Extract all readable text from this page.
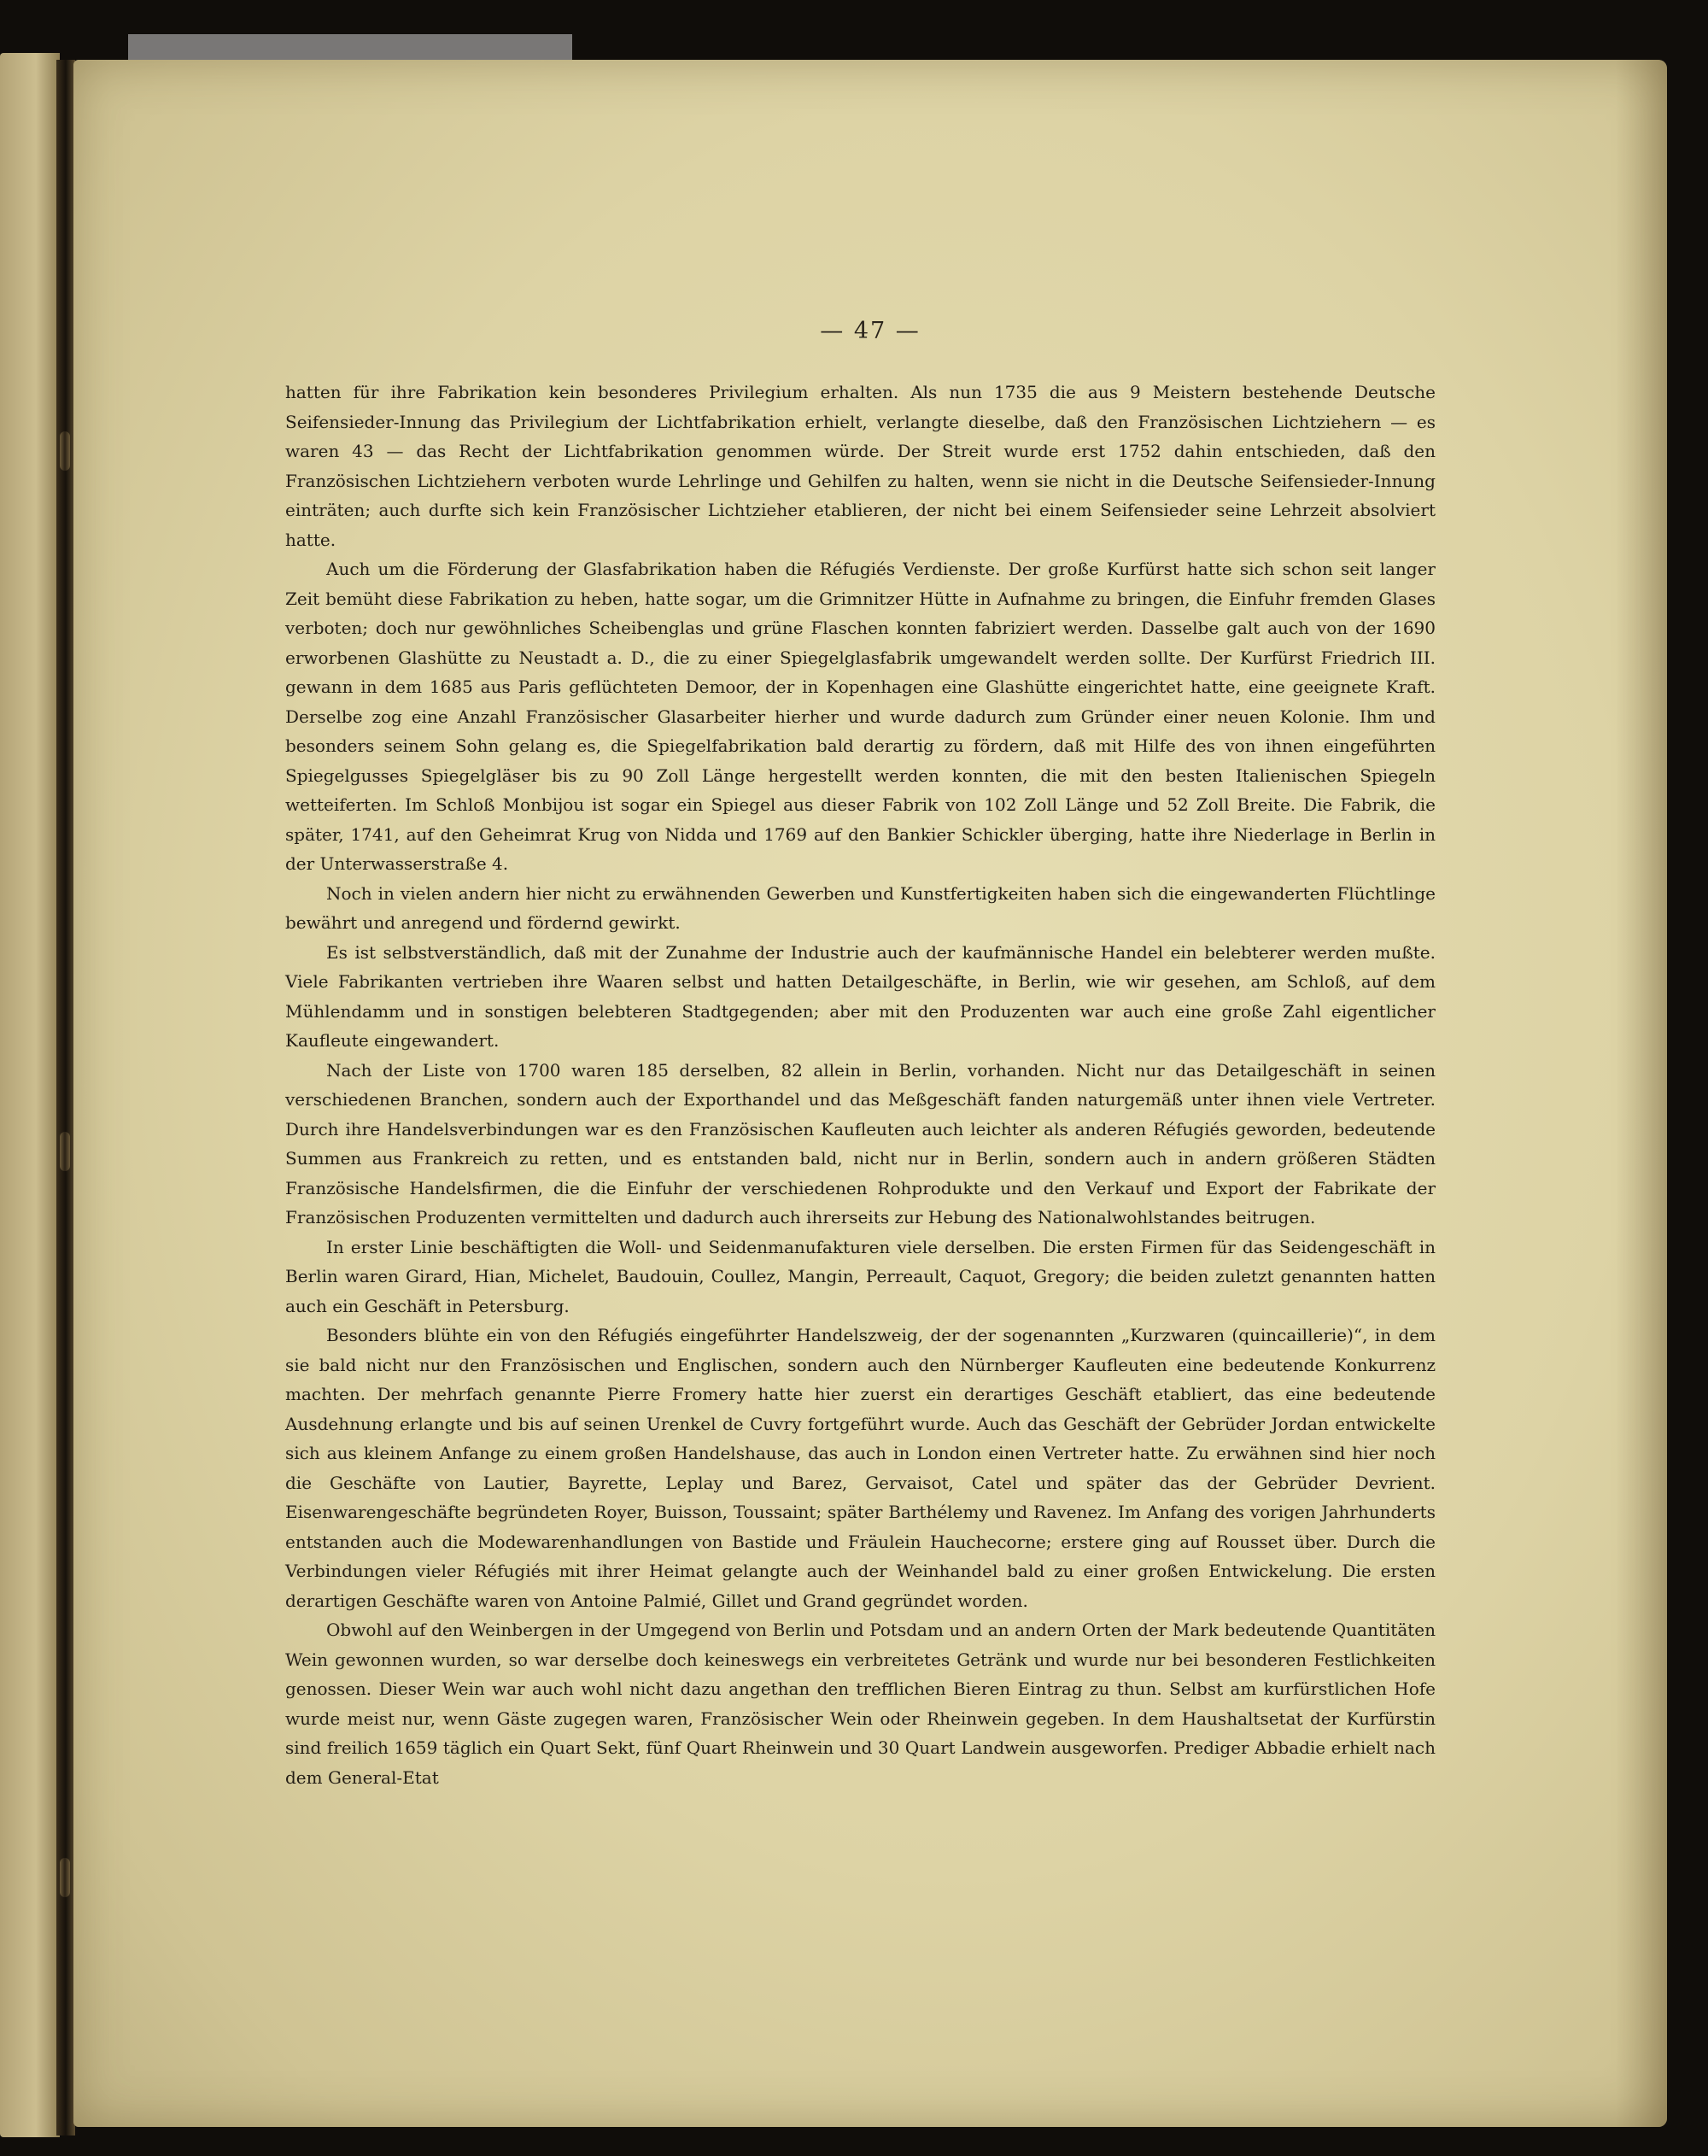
— 47 —

hatten für ihre Fabrikation kein besonderes Privilegium erhalten. Als nun 1735 die aus 9 Meistern bestehende Deutsche Seifensieder-Innung das Privilegium der Lichtfabrikation erhielt, verlangte dieselbe, daß den Französischen Lichtziehern — es waren 43 — das Recht der Lichtfabrikation genommen würde. Der Streit wurde erst 1752 dahin entschieden, daß den Französischen Lichtziehern verboten wurde Lehrlinge und Gehilfen zu halten, wenn sie nicht in die Deutsche Seifensieder-Innung einträten; auch durfte sich kein Französischer Lichtzieher etablieren, der nicht bei einem Seifensieder seine Lehrzeit absolviert hatte.

Auch um die Förderung der Glasfabrikation haben die Réfugiés Verdienste. Der große Kurfürst hatte sich schon seit langer Zeit bemüht diese Fabrikation zu heben, hatte sogar, um die Grimnitzer Hütte in Aufnahme zu bringen, die Einfuhr fremden Glases verboten; doch nur gewöhnliches Scheibenglas und grüne Flaschen konnten fabriziert werden. Dasselbe galt auch von der 1690 erworbenen Glashütte zu Neustadt a. D., die zu einer Spiegelglasfabrik umgewandelt werden sollte. Der Kurfürst Friedrich III. gewann in dem 1685 aus Paris geflüchteten Demoor, der in Kopenhagen eine Glashütte eingerichtet hatte, eine geeignete Kraft. Derselbe zog eine Anzahl Französischer Glasarbeiter hierher und wurde dadurch zum Gründer einer neuen Kolonie. Ihm und besonders seinem Sohn gelang es, die Spiegelfabrikation bald derartig zu fördern, daß mit Hilfe des von ihnen eingeführten Spiegelgusses Spiegelgläser bis zu 90 Zoll Länge hergestellt werden konnten, die mit den besten Italienischen Spiegeln wetteiferten. Im Schloß Monbijou ist sogar ein Spiegel aus dieser Fabrik von 102 Zoll Länge und 52 Zoll Breite. Die Fabrik, die später, 1741, auf den Geheimrat Krug von Nidda und 1769 auf den Bankier Schickler überging, hatte ihre Niederlage in Berlin in der Unterwasserstraße 4.

Noch in vielen andern hier nicht zu erwähnenden Gewerben und Kunstfertigkeiten haben sich die eingewanderten Flüchtlinge bewährt und anregend und fördernd gewirkt.

Es ist selbstverständlich, daß mit der Zunahme der Industrie auch der kaufmännische Handel ein belebterer werden mußte. Viele Fabrikanten vertrieben ihre Waaren selbst und hatten Detailgeschäfte, in Berlin, wie wir gesehen, am Schloß, auf dem Mühlendamm und in sonstigen belebteren Stadtgegenden; aber mit den Produzenten war auch eine große Zahl eigentlicher Kaufleute eingewandert.

Nach der Liste von 1700 waren 185 derselben, 82 allein in Berlin, vorhanden. Nicht nur das Detailgeschäft in seinen verschiedenen Branchen, sondern auch der Exporthandel und das Meßgeschäft fanden naturgemäß unter ihnen viele Vertreter. Durch ihre Handelsverbindungen war es den Französischen Kaufleuten auch leichter als anderen Réfugiés geworden, bedeutende Summen aus Frankreich zu retten, und es entstanden bald, nicht nur in Berlin, sondern auch in andern größeren Städten Französische Handelsfirmen, die die Einfuhr der verschiedenen Rohprodukte und den Verkauf und Export der Fabrikate der Französischen Produzenten vermittelten und dadurch auch ihrerseits zur Hebung des Nationalwohlstandes beitrugen.

In erster Linie beschäftigten die Woll- und Seidenmanufakturen viele derselben. Die ersten Firmen für das Seidengeschäft in Berlin waren Girard, Hian, Michelet, Baudouin, Coullez, Mangin, Perreault, Caquot, Gregory; die beiden zuletzt genannten hatten auch ein Geschäft in Petersburg.

Besonders blühte ein von den Réfugiés eingeführter Handelszweig, der der sogenannten „Kurzwaren (quincaillerie)“, in dem sie bald nicht nur den Französischen und Englischen, sondern auch den Nürnberger Kaufleuten eine bedeutende Konkurrenz machten. Der mehrfach genannte Pierre Fromery hatte hier zuerst ein derartiges Geschäft etabliert, das eine bedeutende Ausdehnung erlangte und bis auf seinen Urenkel de Cuvry fortgeführt wurde. Auch das Geschäft der Gebrüder Jordan entwickelte sich aus kleinem Anfange zu einem großen Handelshause, das auch in London einen Vertreter hatte. Zu erwähnen sind hier noch die Geschäfte von Lautier, Bayrette, Leplay und Barez, Gervaisot, Catel und später das der Gebrüder Devrient. Eisenwarengeschäfte begründeten Royer, Buisson, Toussaint; später Barthélemy und Ravenez. Im Anfang des vorigen Jahrhunderts entstanden auch die Modewarenhandlungen von Bastide und Fräulein Hauchecorne; erstere ging auf Rousset über. Durch die Verbindungen vieler Réfugiés mit ihrer Heimat gelangte auch der Weinhandel bald zu einer großen Entwickelung. Die ersten derartigen Geschäfte waren von Antoine Palmié, Gillet und Grand gegründet worden.

Obwohl auf den Weinbergen in der Umgegend von Berlin und Potsdam und an andern Orten der Mark bedeutende Quantitäten Wein gewonnen wurden, so war derselbe doch keineswegs ein verbreitetes Getränk und wurde nur bei besonderen Festlichkeiten genossen. Dieser Wein war auch wohl nicht dazu angethan den trefflichen Bieren Eintrag zu thun. Selbst am kurfürstlichen Hofe wurde meist nur, wenn Gäste zugegen waren, Französischer Wein oder Rheinwein gegeben. In dem Haushaltsetat der Kurfürstin sind freilich 1659 täglich ein Quart Sekt, fünf Quart Rheinwein und 30 Quart Landwein ausgeworfen. Prediger Abbadie erhielt nach dem General-Etat
